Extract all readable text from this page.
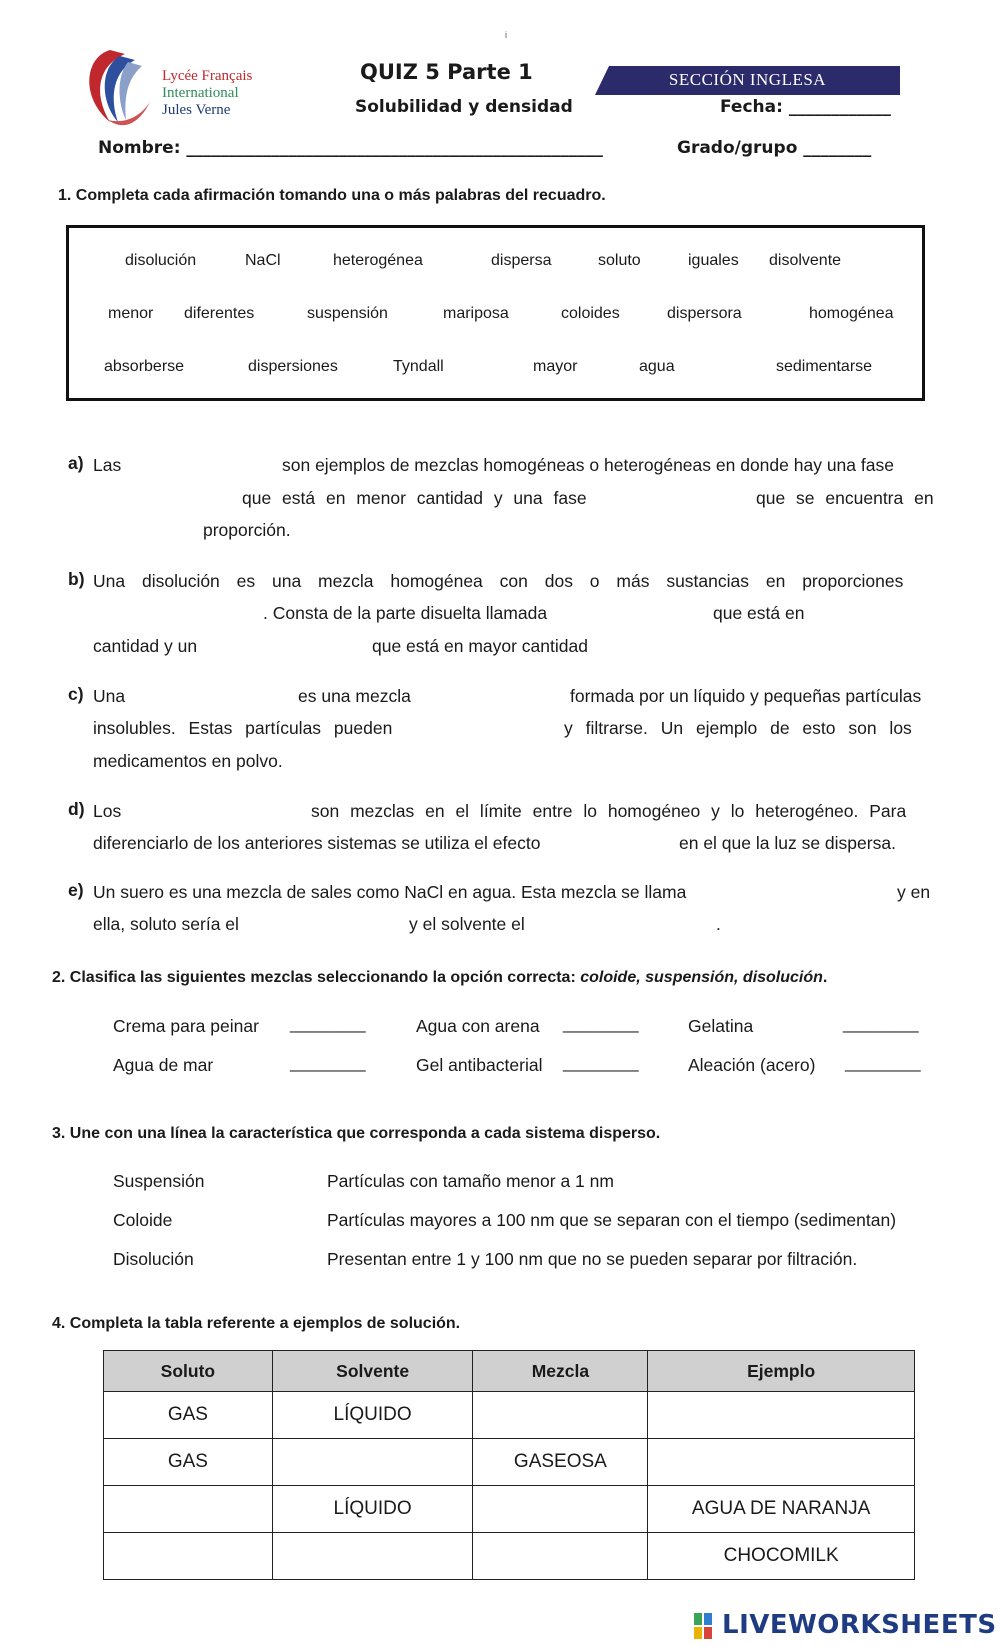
i
Lycée Français
International
Jules Verne
QUIZ 5 Parte 1
Solubilidad y densidad
SECCIÓN INGLESA
Fecha: ____________
Nombre: _________________________________________________	Grado/grupo ________
1. Completa cada afirmación tomando una o más palabras del recuadro.
disolución	NaCl	heterogénea	dispersa	soluto	iguales disolvente
menor diferentes	suspensión	mariposa	coloides	dispersora	homogénea
absorberse	dispersiones	Tyndall	mayor	agua	sedimentarse
a) Las	son ejemplos de mezclas homogéneas o heterogéneas en donde hay una fase
que está en menor cantidad y una fase	que se encuentra en
proporción.
b) Una disolución es una mezcla homogénea con dos o más sustancias en proporciones
. Consta de la parte disuelta llamada	que está en
cantidad y un	que está en mayor cantidad
c) Una	es una mezcla	formada por un líquido y pequeñas partículas
insolubles. Estas partículas pueden	y filtrarse. Un ejemplo de esto son los
medicamentos en polvo.
d) Los	son mezclas en el límite entre lo homogéneo y lo heterogéneo. Para
diferenciarlo de los anteriores sistemas se utiliza el efecto	en el que la luz se dispersa.
e) Un suero es una mezcla de sales como NaCl en agua. Esta mezcla se llama	y en
ella, soluto sería el	y el solvente el	.
2. Clasifica las siguientes mezclas seleccionando la opción correcta: coloide, suspensión, disolución.
Crema para peinar ________	Agua con arena ________	Gelatina	________
Agua de mar	________	Gel antibacterial ________	Aleación (acero) ________
3. Une con una línea la característica que corresponda a cada sistema disperso.
Suspensión	Partículas con tamaño menor a 1 nm
Coloide	Partículas mayores a 100 nm que se separan con el tiempo (sedimentan)
Disolución	Presentan entre 1 y 100 nm que no se pueden separar por filtración.
4. Completa la tabla referente a ejemplos de solución.
Soluto	Solvente	Mezcla	Ejemplo
GAS	LÍQUIDO		
GAS		GASEOSA	
	LÍQUIDO		AGUA DE NARANJA
			CHOCOMILK
LIVEWORKSHEETS
